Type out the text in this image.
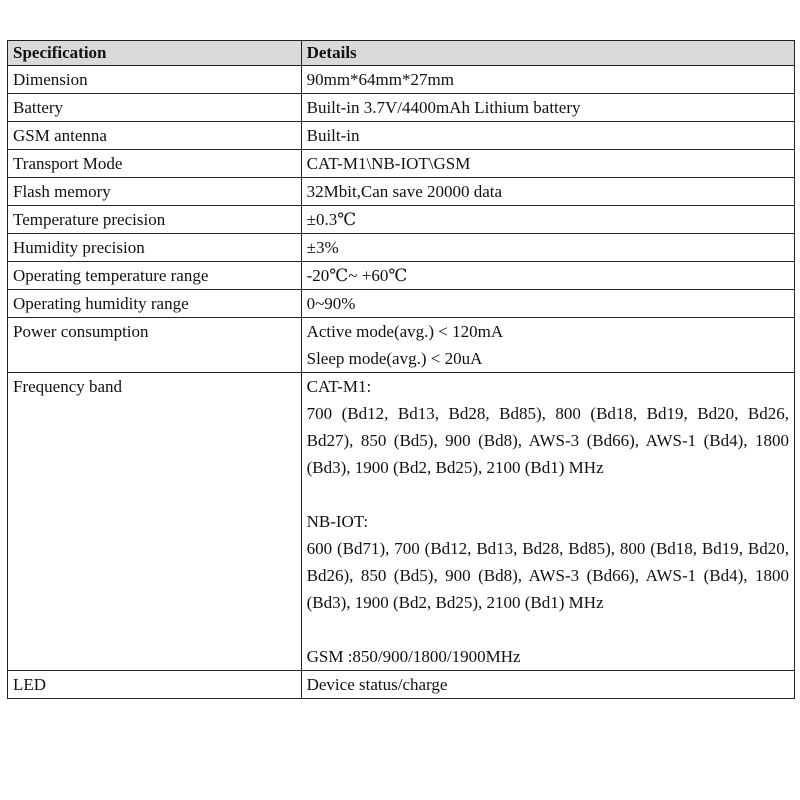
Specification	Details
Dimension	90mm*64mm*27mm
Battery	Built-in 3.7V/4400mAh Lithium battery
GSM antenna	Built-in
Transport Mode	CAT-M1\NB-IOT\GSM
Flash memory	32Mbit,Can save 20000 data
Temperature precision	±0.3℃
Humidity precision	±3%
Operating temperature range	-20℃~ +60℃
Operating humidity range	0~90%
Power consumption	Active mode(avg.) < 120mA
Sleep mode(avg.) < 20uA

Frequency band	CAT-M1:
700 (Bd12, Bd13, Bd28, Bd85), 800 (Bd18, Bd19, Bd20, Bd26, Bd27), 850 (Bd5), 900 (Bd8), AWS-3 (Bd66), AWS-1 (Bd4), 1800 (Bd3), 1900 (Bd2, Bd25), 2100 (Bd1) MHz
NB-IOT:
600 (Bd71), 700 (Bd12, Bd13, Bd28, Bd85), 800 (Bd18, Bd19, Bd20, Bd26), 850 (Bd5), 900 (Bd8), AWS-3 (Bd66), AWS-1 (Bd4), 1800 (Bd3), 1900 (Bd2, Bd25), 2100 (Bd1) MHz
GSM :850/900/1800/1900MHz

LED	Device status/charge
